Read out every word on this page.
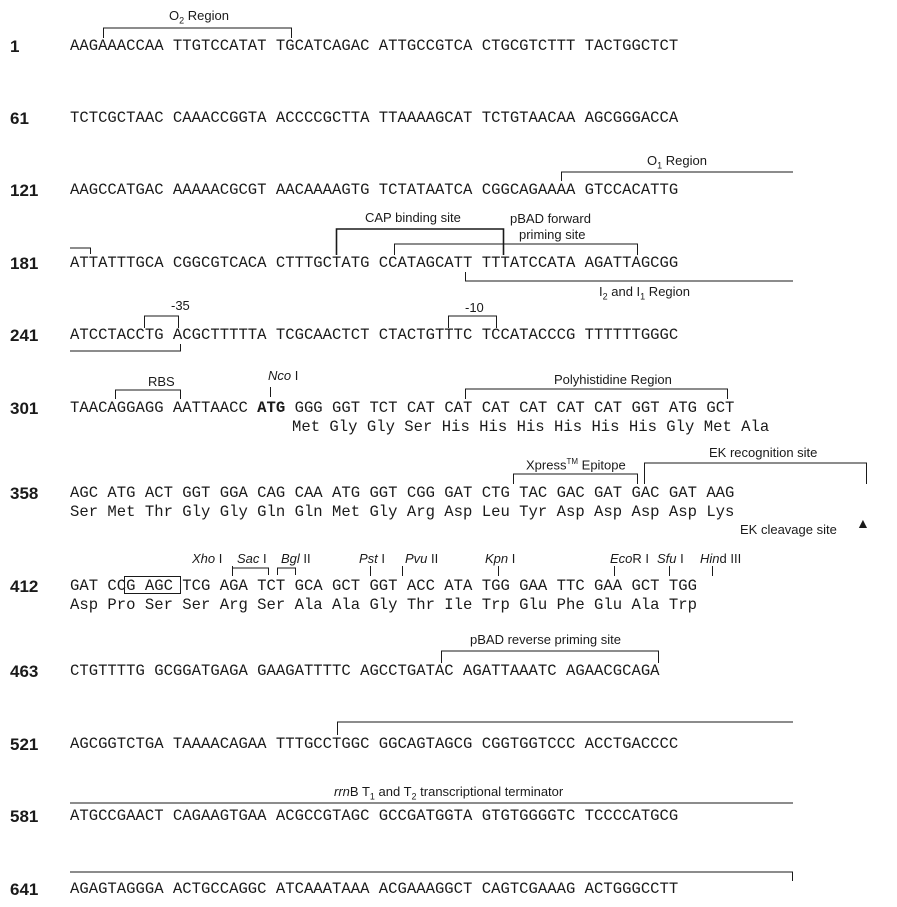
1	AAGAAACCAA TTGTCCATAT TGCATCAGAC ATTGCCGTCA CTGCGTCTTT TACTGGCTCT
61	TCTCGCTAAC CAAACCGGTA ACCCCGCTTA TTAAAAGCAT TCTGTAACAA AGCGGGACCA
121 AAGCCATGAC AAAAACGCGT AACAAAAGTG TCTATAATCA CGGCAGAAAA GTCCACATTG
181 ATTATTTGCA CGGCGTCACA CTTTGCTATG CCATAGCATT TTTATCCATA AGATTAGCGG
241 ATCCTACCTG ACGCTTTTTA TCGCAACTCT CTACTGTTTC TCCATACCCG TTTTTTGGGC
301 TAACAGGAGG AATTAACC ATG GGG GGT TCT CAT CAT CAT CAT CAT CAT GGT ATG GCT
Met Gly Gly Ser His His His His His His Gly Met Ala
358 AGC ATG ACT GGT GGA CAG CAA ATG GGT CGG GAT CTG TAC GAC GAT GAC GAT AAG
Ser Met Thr Gly Gly Gln Gln Met Gly Arg Asp Leu Tyr Asp Asp Asp Asp Lys
412 GAT CCG AGC TCG AGA TCT GCA GCT GGT ACC ATA TGG GAA TTC GAA GCT TGG
Asp Pro Ser Ser Arg Ser Ala Ala Gly Thr Ile Trp Glu Phe Glu Ala Trp
463 CTGTTTTG GCGGATGAGA GAAGATTTTC AGCCTGATAC AGATTAAATC AGAACGCAGA
521 AGCGGTCTGA TAAAACAGAA TTTGCCTGGC GGCAGTAGCG CGGTGGTCCC ACCTGACCCC
581 ATGCCGAACT CAGAAGTGAA ACGCCGTAGC GCCGATGGTA GTGTGGGGTC TCCCCATGCG
641 AGAGTAGGGA ACTGCCAGGC ATCAAATAAA ACGAAAGGCT CAGTCGAAAG ACTGGGCCTT
$O_2$ Region
$O_1$ Region
CAP binding site	pBAD forward
priming site
$I_2$ and $I_1$ Region
-35	-10
RBS	Nco I	Polyhistidine Region
Xpress™ Epitope
EK recognition site
EK cleavage site ▲
Xho I Sac I Bgl II	Pst I Pvu II	Kpn I	EcoR I Sfu I Hind III
pBAD reverse priming site
rrnB $T_1$ and $T_2$ transcriptional terminator
